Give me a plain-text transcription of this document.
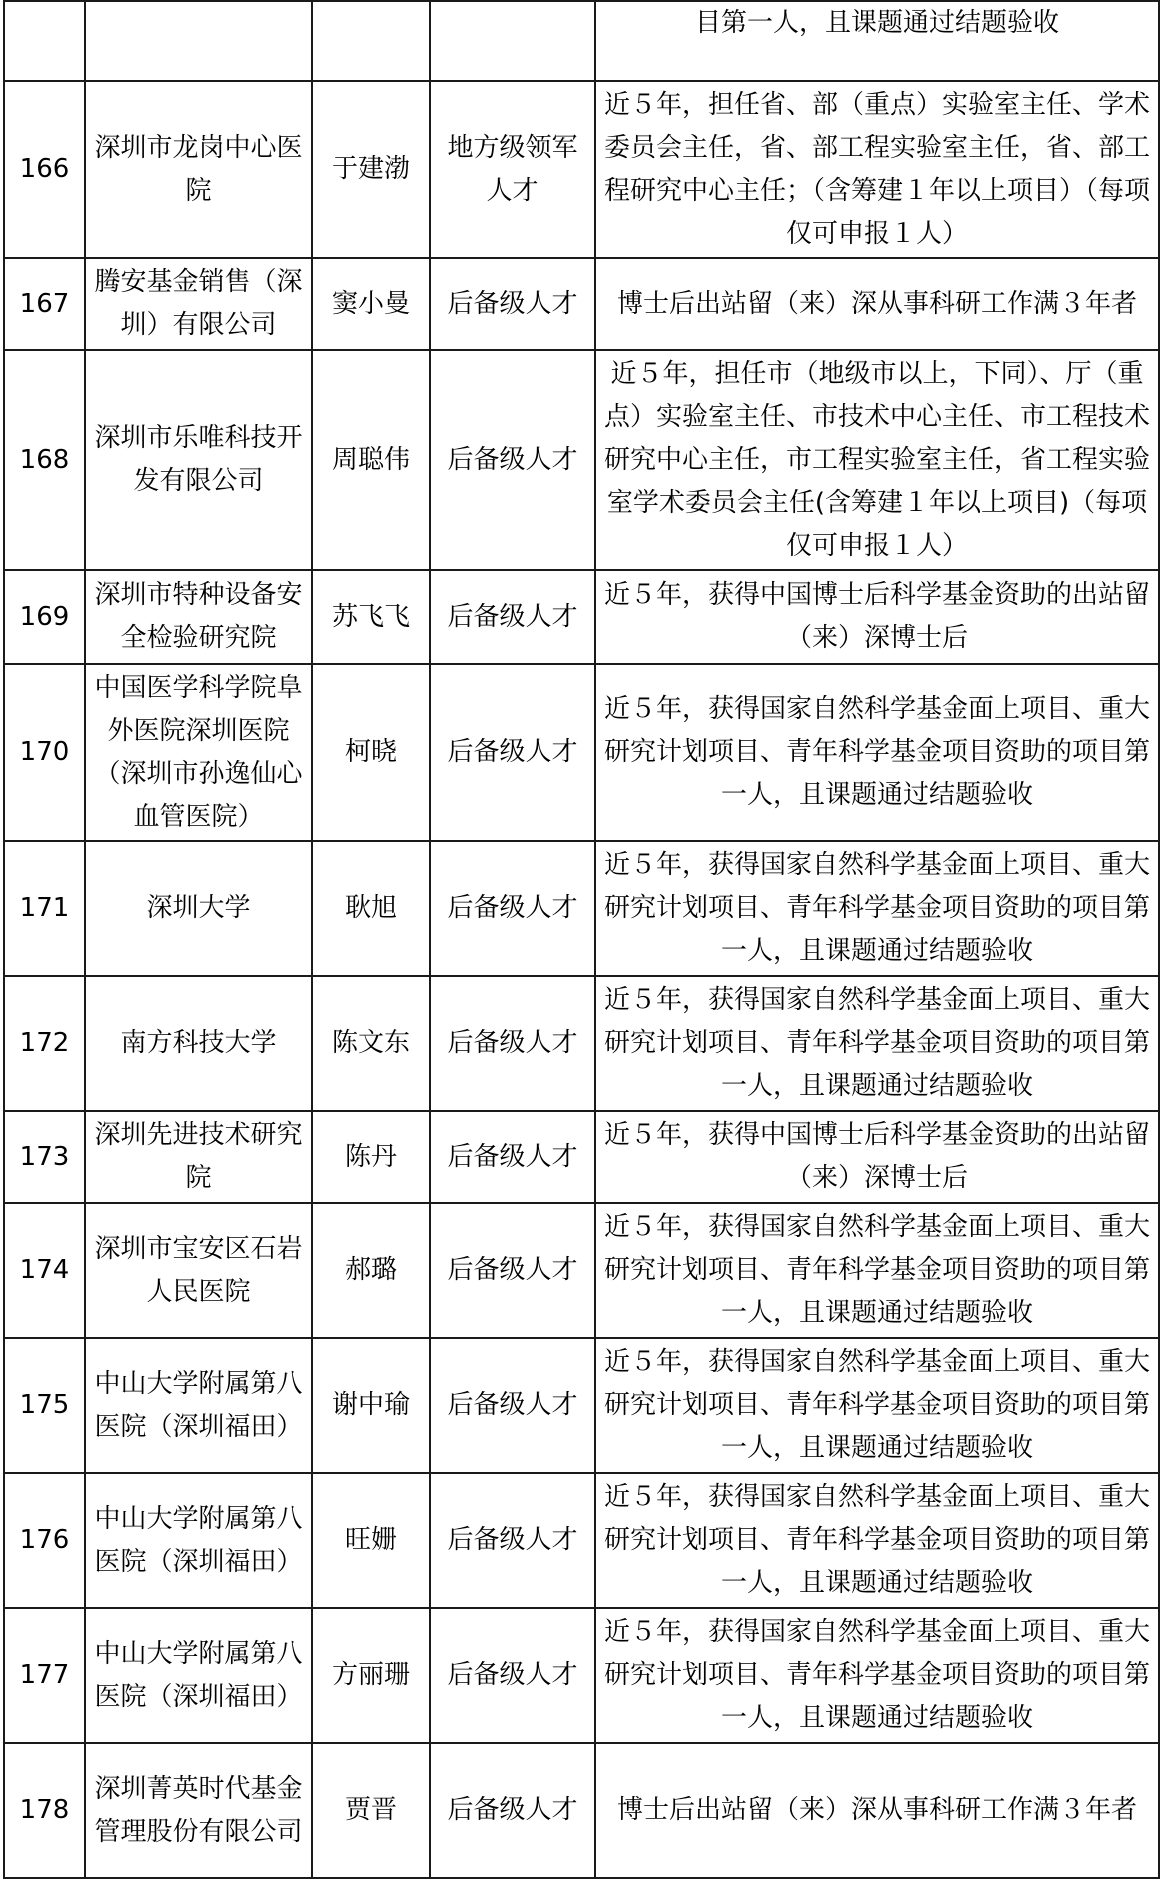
				目第一人，且课题通过结题验收
166	深圳市龙岗中心医院	于建渤	地方级领军人才	近５年，担任省、部（重点）实验室主任、学术委员会主任，省、部工程实验室主任，省、部工程研究中心主任；（含筹建１年以上项目）（每项仅可申报１人）
167	腾安基金销售（深圳）有限公司	窦小曼	后备级人才	博士后出站留（来）深从事科研工作满３年者
168	深圳市乐唯科技开发有限公司	周聪伟	后备级人才	近５年，担任市（地级市以上，下同）、厅（重点）实验室主任、市技术中心主任、市工程技术研究中心主任，市工程实验室主任，省工程实验室学术委员会主任(含筹建１年以上项目)（每项仅可申报１人）
169	深圳市特种设备安全检验研究院	苏飞飞	后备级人才	近５年，获得中国博士后科学基金资助的出站留（来）深博士后
170	中国医学科学院阜外医院深圳医院（深圳市孙逸仙心血管医院）	柯晓	后备级人才	近５年，获得国家自然科学基金面上项目、重大研究计划项目、青年科学基金项目资助的项目第一人，且课题通过结题验收
171	深圳大学	耿旭	后备级人才	近５年，获得国家自然科学基金面上项目、重大研究计划项目、青年科学基金项目资助的项目第一人，且课题通过结题验收
172	南方科技大学	陈文东	后备级人才	近５年，获得国家自然科学基金面上项目、重大研究计划项目、青年科学基金项目资助的项目第一人，且课题通过结题验收
173	深圳先进技术研究院	陈丹	后备级人才	近５年，获得中国博士后科学基金资助的出站留（来）深博士后
174	深圳市宝安区石岩人民医院	郝璐	后备级人才	近５年，获得国家自然科学基金面上项目、重大研究计划项目、青年科学基金项目资助的项目第一人，且课题通过结题验收
175	中山大学附属第八医院（深圳福田）	谢中瑜	后备级人才	近５年，获得国家自然科学基金面上项目、重大研究计划项目、青年科学基金项目资助的项目第一人，且课题通过结题验收
176	中山大学附属第八医院（深圳福田）	旺姗	后备级人才	近５年，获得国家自然科学基金面上项目、重大研究计划项目、青年科学基金项目资助的项目第一人，且课题通过结题验收
177	中山大学附属第八医院（深圳福田）	方丽珊	后备级人才	近５年，获得国家自然科学基金面上项目、重大研究计划项目、青年科学基金项目资助的项目第一人，且课题通过结题验收
178	深圳菁英时代基金管理股份有限公司	贾晋	后备级人才	博士后出站留（来）深从事科研工作满３年者
